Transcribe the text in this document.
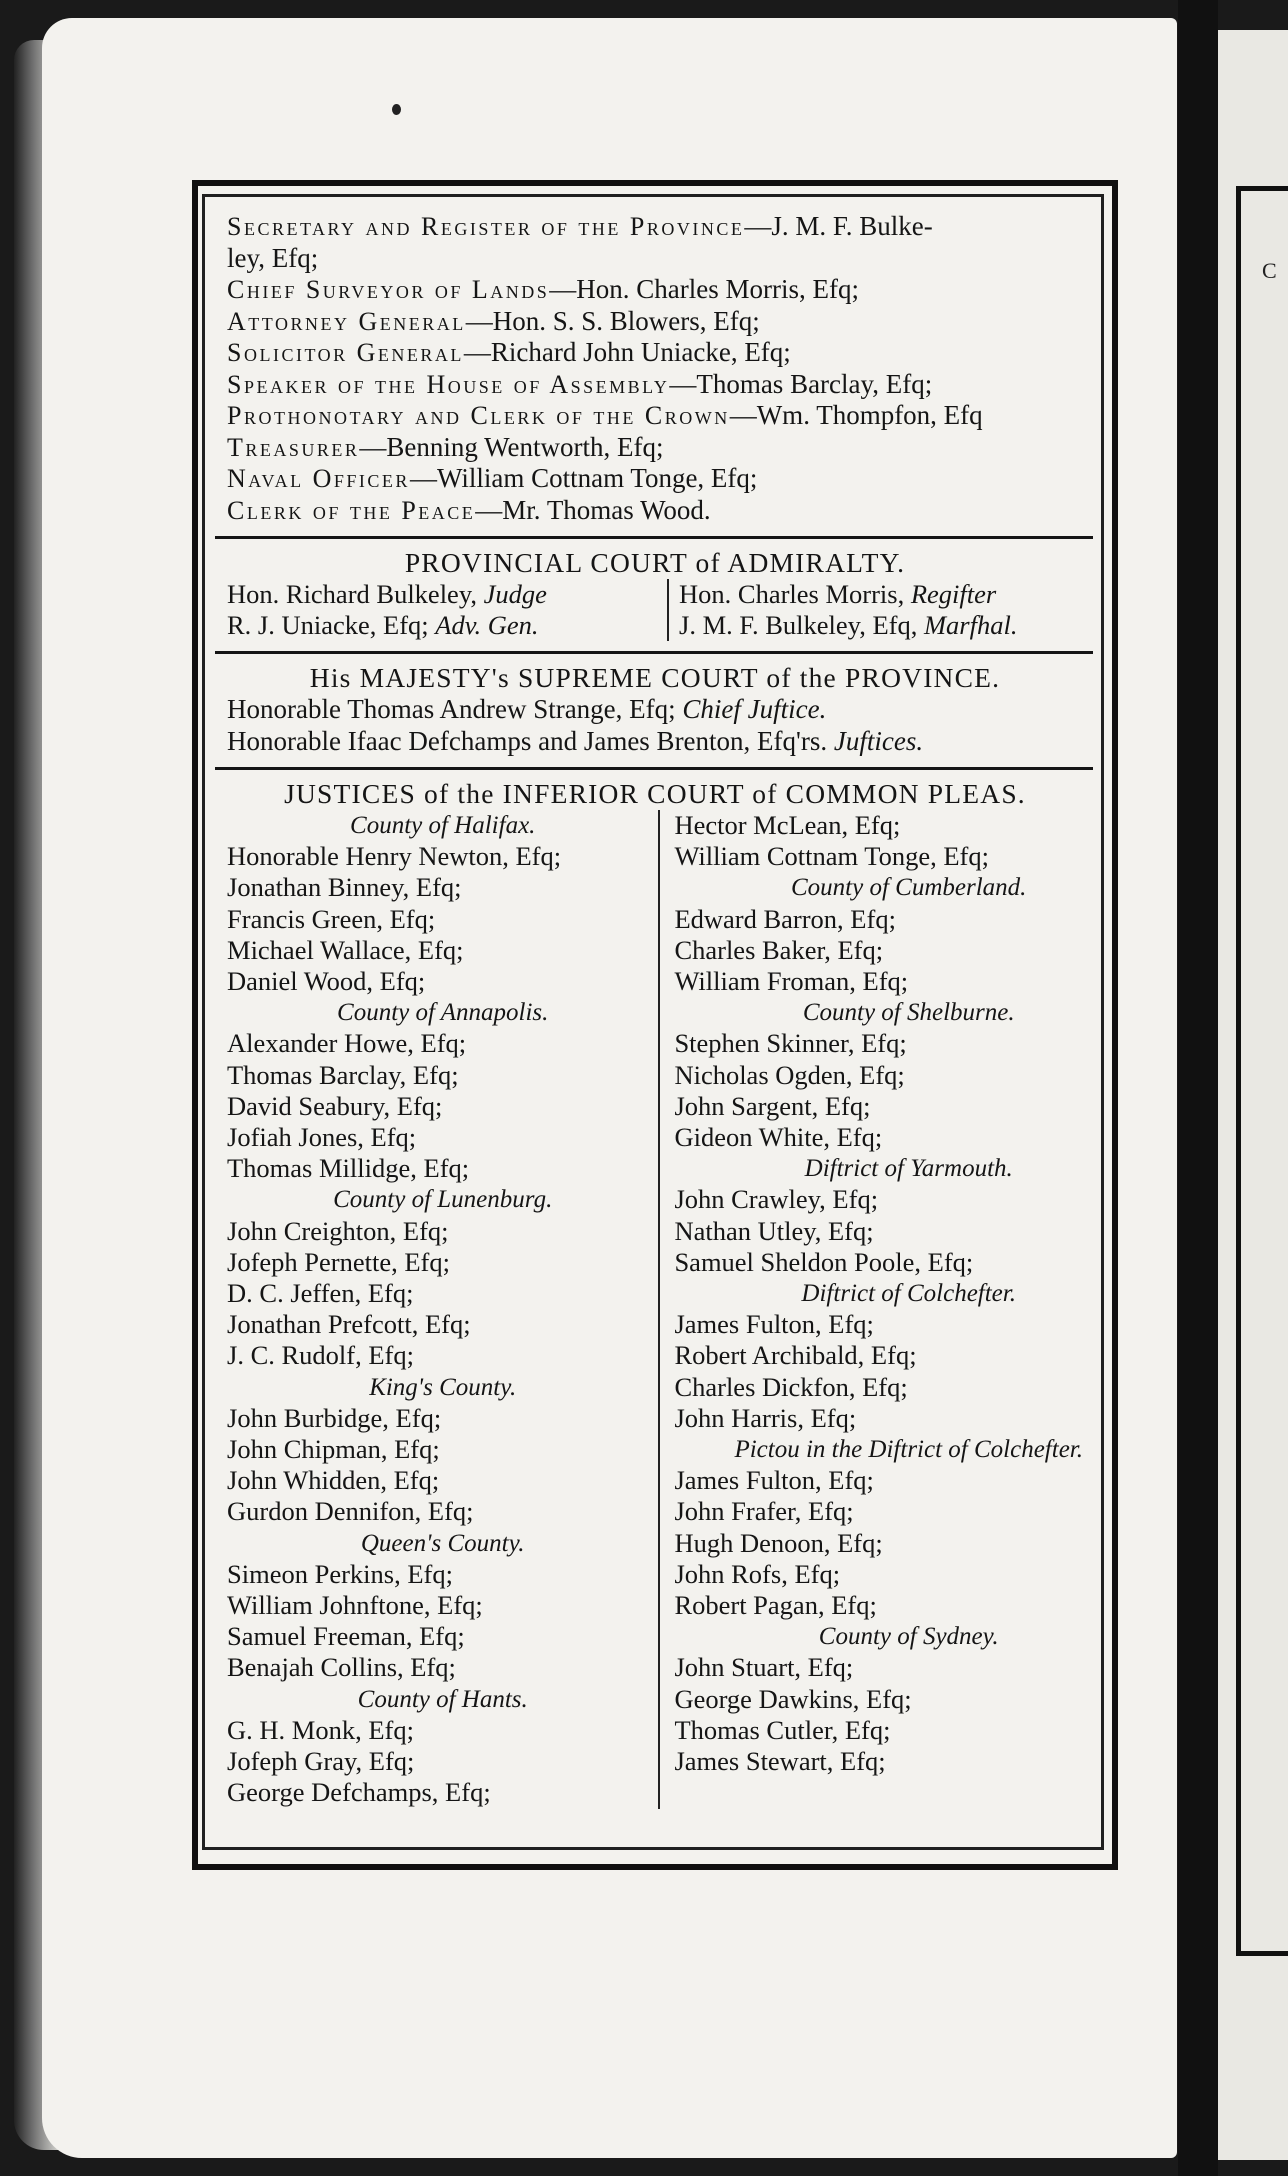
C
Secretary and Register of the Province—J. M. F. Bulke-
ley, Efq;
Chief Surveyor of Lands—Hon. Charles Morris, Efq;
Attorney General—Hon. S. S. Blowers, Efq;
Solicitor General—Richard John Uniacke, Efq;
Speaker of the House of Assembly—Thomas Barclay, Efq;
Prothonotary and Clerk of the Crown—Wm. Thompfon, Efq
Treasurer—Benning Wentworth, Efq;
Naval Officer—William Cottnam Tonge, Efq;
Clerk of the Peace—Mr. Thomas Wood.
PROVINCIAL COURT of ADMIRALTY.
Hon. Richard Bulkeley, Judge
R. J. Uniacke, Efq; Adv. Gen.
Hon. Charles Morris, Regifter
J. M. F. Bulkeley, Efq, Marfhal.
His MAJESTY's SUPREME COURT of the PROVINCE.
Honorable Thomas Andrew Strange, Efq; Chief Juftice.
Honorable Ifaac Defchamps and James Brenton, Efq'rs. Juftices.
JUSTICES of the INFERIOR COURT of COMMON PLEAS.
County of Halifax.
Honorable Henry Newton, Efq;
Jonathan Binney, Efq;
Francis Green, Efq;
Michael Wallace, Efq;
Daniel Wood, Efq;
County of Annapolis.
Alexander Howe, Efq;
Thomas Barclay, Efq;
David Seabury, Efq;
Jofiah Jones, Efq;
Thomas Millidge, Efq;
County of Lunenburg.
John Creighton, Efq;
Jofeph Pernette, Efq;
D. C. Jeffen, Efq;
Jonathan Prefcott, Efq;
J. C. Rudolf, Efq;
King's County.
John Burbidge, Efq;
John Chipman, Efq;
John Whidden, Efq;
Gurdon Dennifon, Efq;
Queen's County.
Simeon Perkins, Efq;
William Johnftone, Efq;
Samuel Freeman, Efq;
Benajah Collins, Efq;
County of Hants.
G. H. Monk, Efq;
Jofeph Gray, Efq;
George Defchamps, Efq;
Hector McLean, Efq;
William Cottnam Tonge, Efq;
County of Cumberland.
Edward Barron, Efq;
Charles Baker, Efq;
William Froman, Efq;
County of Shelburne.
Stephen Skinner, Efq;
Nicholas Ogden, Efq;
John Sargent, Efq;
Gideon White, Efq;
Diftrict of Yarmouth.
John Crawley, Efq;
Nathan Utley, Efq;
Samuel Sheldon Poole, Efq;
Diftrict of Colchefter.
James Fulton, Efq;
Robert Archibald, Efq;
Charles Dickfon, Efq;
John Harris, Efq;
Pictou in the Diftrict of Colchefter.
James Fulton, Efq;
John Frafer, Efq;
Hugh Denoon, Efq;
John Rofs, Efq;
Robert Pagan, Efq;
County of Sydney.
John Stuart, Efq;
George Dawkins, Efq;
Thomas Cutler, Efq;
James Stewart, Efq;
